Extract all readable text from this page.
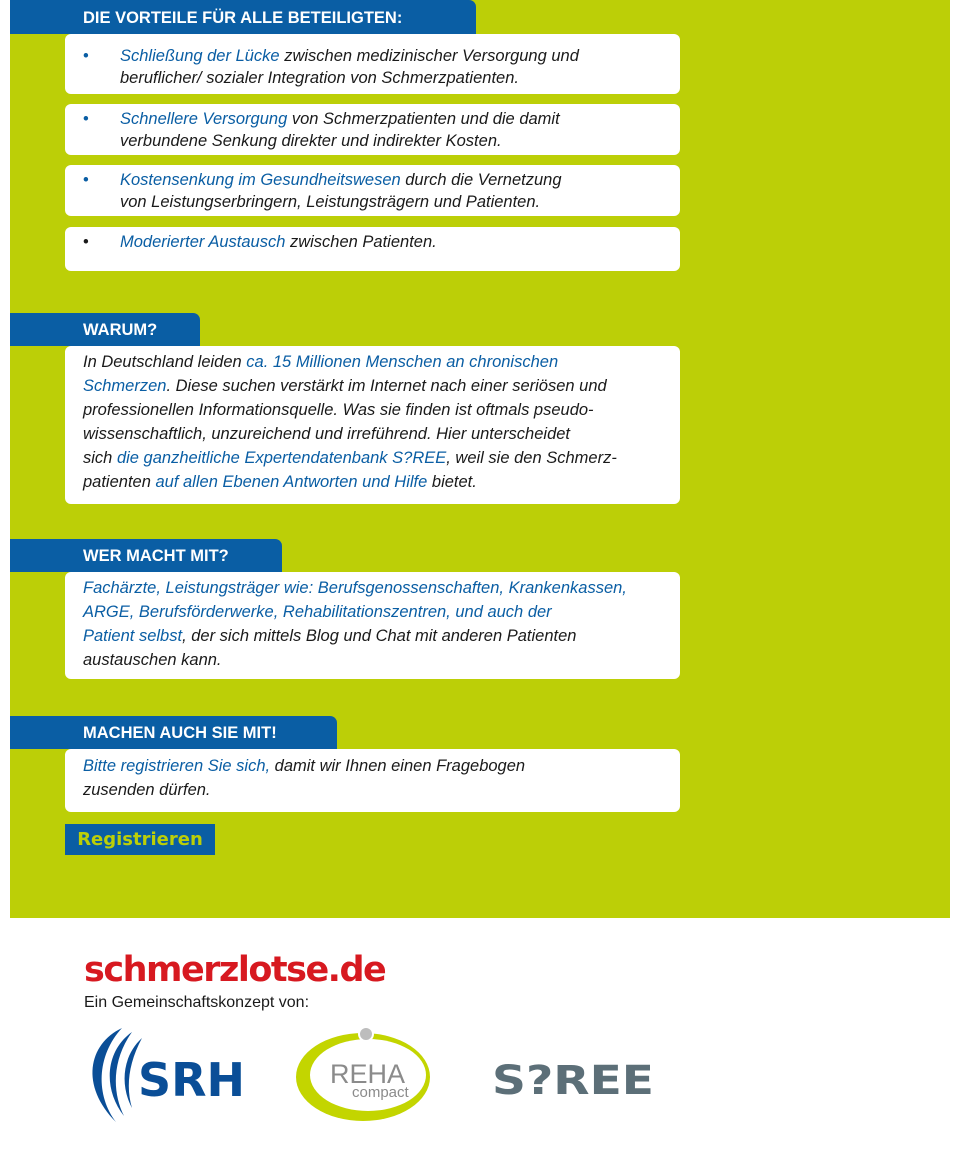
DIE VORTEILE FÜR ALLE BETEILIGTEN:
•	Schließung der Lücke zwischen medizinischer Versorgung und
beruflicher/ sozialer Integration von Schmerzpatienten.
•	Schnellere Versorgung von Schmerzpatienten und die damit
verbundene Senkung direkter und indirekter Kosten.
•	Kostensenkung im Gesundheitswesen durch die Vernetzung
von Leistungserbringern, Leistungsträgern und Patienten.
•	Moderierter Austausch zwischen Patienten.
WARUM?
In Deutschland leiden ca. 15 Millionen Menschen an chronischen
Schmerzen. Diese suchen verstärkt im Internet nach einer seriösen und
professionellen Informationsquelle. Was sie finden ist oftmals pseudo-
wissenschaftlich, unzureichend und irreführend. Hier unterscheidet
sich die ganzheitliche Expertendatenbank S?REE, weil sie den Schmerz-
patienten auf allen Ebenen Antworten und Hilfe bietet.
WER MACHT MIT?
Fachärzte, Leistungsträger wie: Berufsgenossenschaften, Krankenkassen,
ARGE, Berufsförderwerke, Rehabilitationszentren, und auch der
Patient selbst, der sich mittels Blog und Chat mit anderen Patienten
austauschen kann.
MACHEN AUCH SIE MIT!
Bitte registrieren Sie sich, damit wir Ihnen einen Fragebogen
zusenden dürfen.
Registrieren
schmerzlotse.de
Ein Gemeinschaftskonzept von:
SRH	REHA
compact S?REE
